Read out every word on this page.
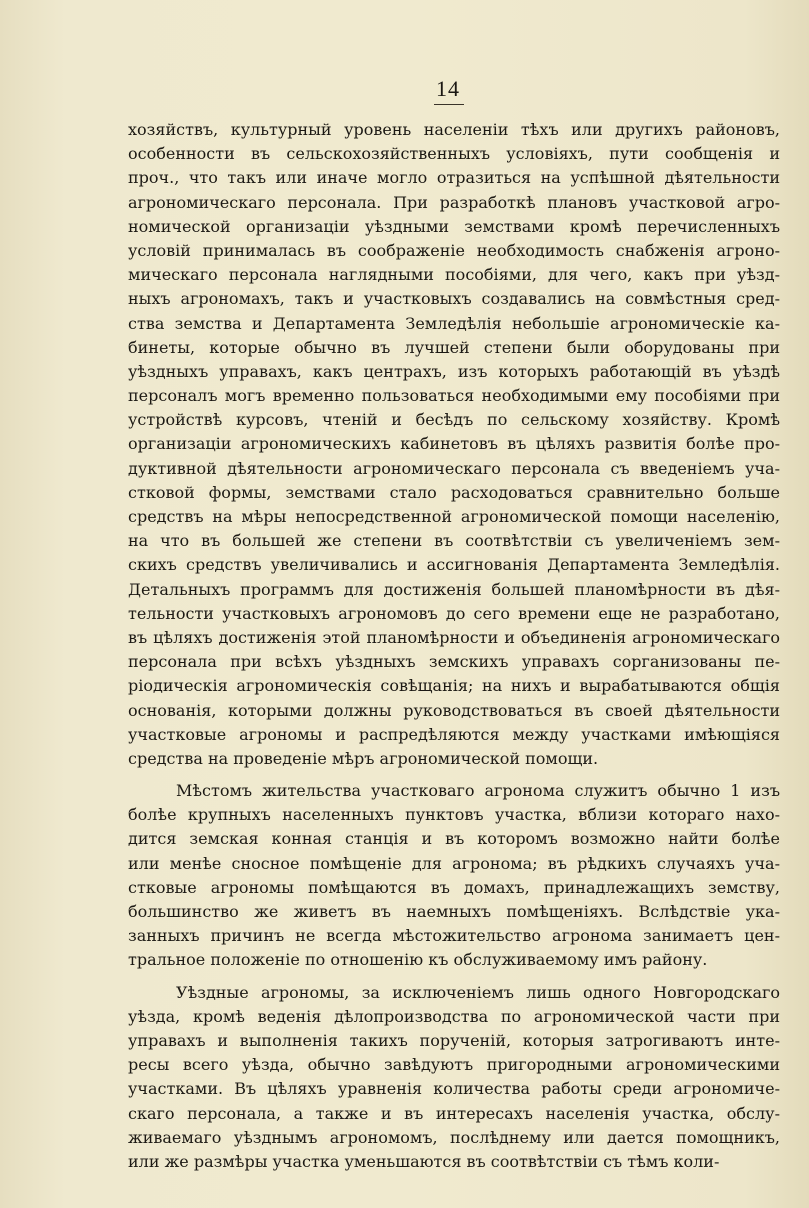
14
хозяйствъ, культурный уровень населенiи тѣхъ или другихъ районовъ,
особенности въ сельскохозяйственныхъ условiяхъ, пути сообщенiя и
проч., что такъ или иначе могло отразиться на успѣшной дѣятельности
агрономическаго персонала. При разработкѣ плановъ участковой агро-
номической организацiи уѣздными земствами кромѣ перечисленныхъ
условiй принималась въ соображенiе необходимость снабженiя агроно-
мическаго персонала наглядными пособiями, для чего, какъ при уѣзд-
ныхъ агрономахъ, такъ и участковыхъ создавались на совмѣстныя сред-
ства земства и Департамента Земледѣлiя небольшiе агрономическiе ка-
бинеты, которые обычно въ лучшей степени были оборудованы при
уѣздныхъ управахъ, какъ центрахъ, изъ которыхъ работающiй въ уѣздѣ
персоналъ могъ временно пользоваться необходимыми ему пособiями при
устройствѣ курсовъ, чтенiй и бесѣдъ по сельскому хозяйству. Кромѣ
организацiи агрономическихъ кабинетовъ въ цѣляхъ развитiя болѣе про-
дуктивной дѣятельности агрономическаго персонала съ введенiемъ уча-
стковой формы, земствами стало расходоваться сравнительно больше
средствъ на мѣры непосредственной агрономической помощи населенiю,
на что въ большей же степени въ соотвѣтствiи съ увеличенiемъ зем-
скихъ средствъ увеличивались и ассигнованiя Департамента Земледѣлiя.
Детальныхъ программъ для достиженiя большей планомѣрности въ дѣя-
тельности участковыхъ агрономовъ до сего времени еще не разработано,
въ цѣляхъ достиженiя этой планомѣрности и объединенiя агрономическаго
персонала при всѣхъ уѣздныхъ земскихъ управахъ сорганизованы пе-
рiодическiя агрономическiя совѣщанiя; на нихъ и вырабатываются общiя
основанiя, которыми должны руководствоваться въ своей дѣятельности
участковые агрономы и распредѣляются между участками имѣющiяся
средства на проведенiе мѣръ агрономической помощи.
Мѣстомъ жительства участковаго агронома служитъ обычно 1 изъ
болѣе крупныхъ населенныхъ пунктовъ участка, вблизи котораго нахо-
дится земская конная станцiя и въ которомъ возможно найти болѣе
или менѣе сносное помѣщенiе для агронома; въ рѣдкихъ случаяхъ уча-
стковые агрономы помѣщаются въ домахъ, принадлежащихъ земству,
большинство же живетъ въ наемныхъ помѣщенiяхъ. Вслѣдствiе ука-
занныхъ причинъ не всегда мѣстожительство агронома занимаетъ цен-
тральное положенiе по отношенiю къ обслуживаемому имъ району.
Уѣздные агрономы, за исключенiемъ лишь одного Новгородскаго
уѣзда, кромѣ веденiя дѣлопроизводства по агрономической части при
управахъ и выполненiя такихъ порученiй, которыя затрогиваютъ инте-
ресы всего уѣзда, обычно завѣдуютъ пригородными агрономическими
участками. Въ цѣляхъ уравненiя количества работы среди агрономиче-
скаго персонала, а также и въ интересахъ населенiя участка, обслу-
живаемаго уѣзднымъ агрономомъ, послѣднему или дается помощникъ,
или же размѣры участка уменьшаются въ соотвѣтствiи съ тѣмъ коли-
